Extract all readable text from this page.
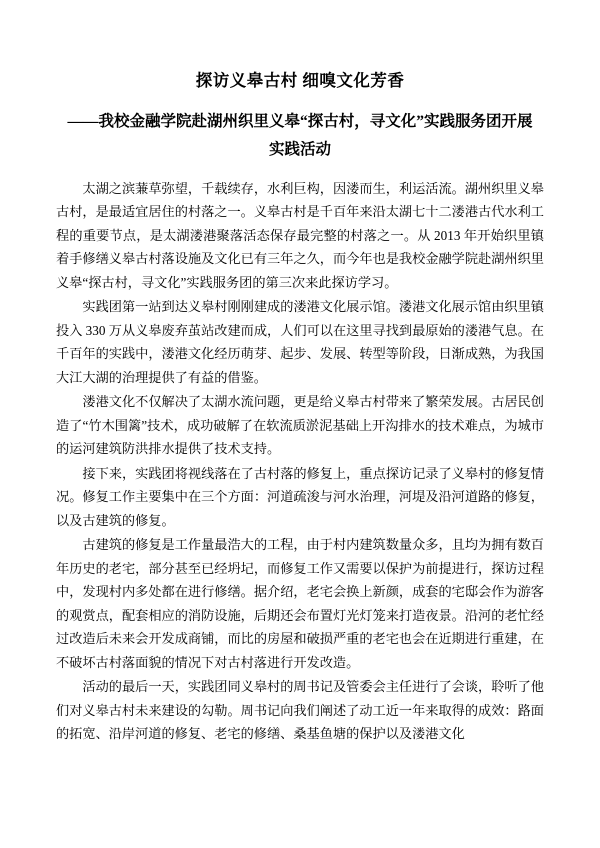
探访义皋古村 细嗅文化芳香
——我校金融学院赴湖州织里义皋“探古村，寻文化”实践服务团开展实践活动

太湖之滨蒹草弥望，千载续存，水利巨构，因溇而生，利运活流。湖州织里义皋古村，是最适宜居住的村落之一。义皋古村是千百年来沿太湖七十二溇港古代水利工程的重要节点，是太湖溇港聚落活态保存最完整的村落之一。从 2013 年开始织里镇着手修缮义皋古村落设施及文化已有三年之久，而今年也是我校金融学院赴湖州织里义皋“探古村，寻文化”实践服务团的第三次来此探访学习。

实践团第一站到达义皋村刚刚建成的溇港文化展示馆。溇港文化展示馆由织里镇投入 330 万从义皋废弃茧站改建而成，人们可以在这里寻找到最原始的溇港气息。在千百年的实践中，溇港文化经历萌芽、起步、发展、转型等阶段，日渐成熟，为我国大江大湖的治理提供了有益的借鉴。

溇港文化不仅解决了太湖水流问题，更是给义皋古村带来了繁荣发展。古居民创造了“竹木围篱”技术，成功破解了在软流质淤泥基础上开沟排水的技术难点，为城市的运河建筑防洪排水提供了技术支持。

接下来，实践团将视线落在了古村落的修复上，重点探访记录了义皋村的修复情况。修复工作主要集中在三个方面：河道疏浚与河水治理，河堤及沿河道路的修复，以及古建筑的修复。

古建筑的修复是工作量最浩大的工程，由于村内建筑数量众多，且均为拥有数百年历史的老宅，部分甚至已经坍圮，而修复工作又需要以保护为前提进行，探访过程中，发现村内多处都在进行修缮。据介绍，老宅会换上新颜，成套的宅邸会作为游客的观赏点，配套相应的消防设施，后期还会布置灯光灯笼来打造夜景。沿河的老忙经过改造后未来会开发成商铺，而比的房屋和破损严重的老宅也会在近期进行重建，在不破坏古村落面貌的情况下对古村落进行开发改造。

活动的最后一天，实践团同义皋村的周书记及管委会主任进行了会谈，聆听了他们对义皋古村未来建设的勾勒。周书记向我们阐述了动工近一年来取得的成效：路面的拓宽、沿岸河道的修复、老宅的修缮、桑基鱼塘的保护以及溇港文化
